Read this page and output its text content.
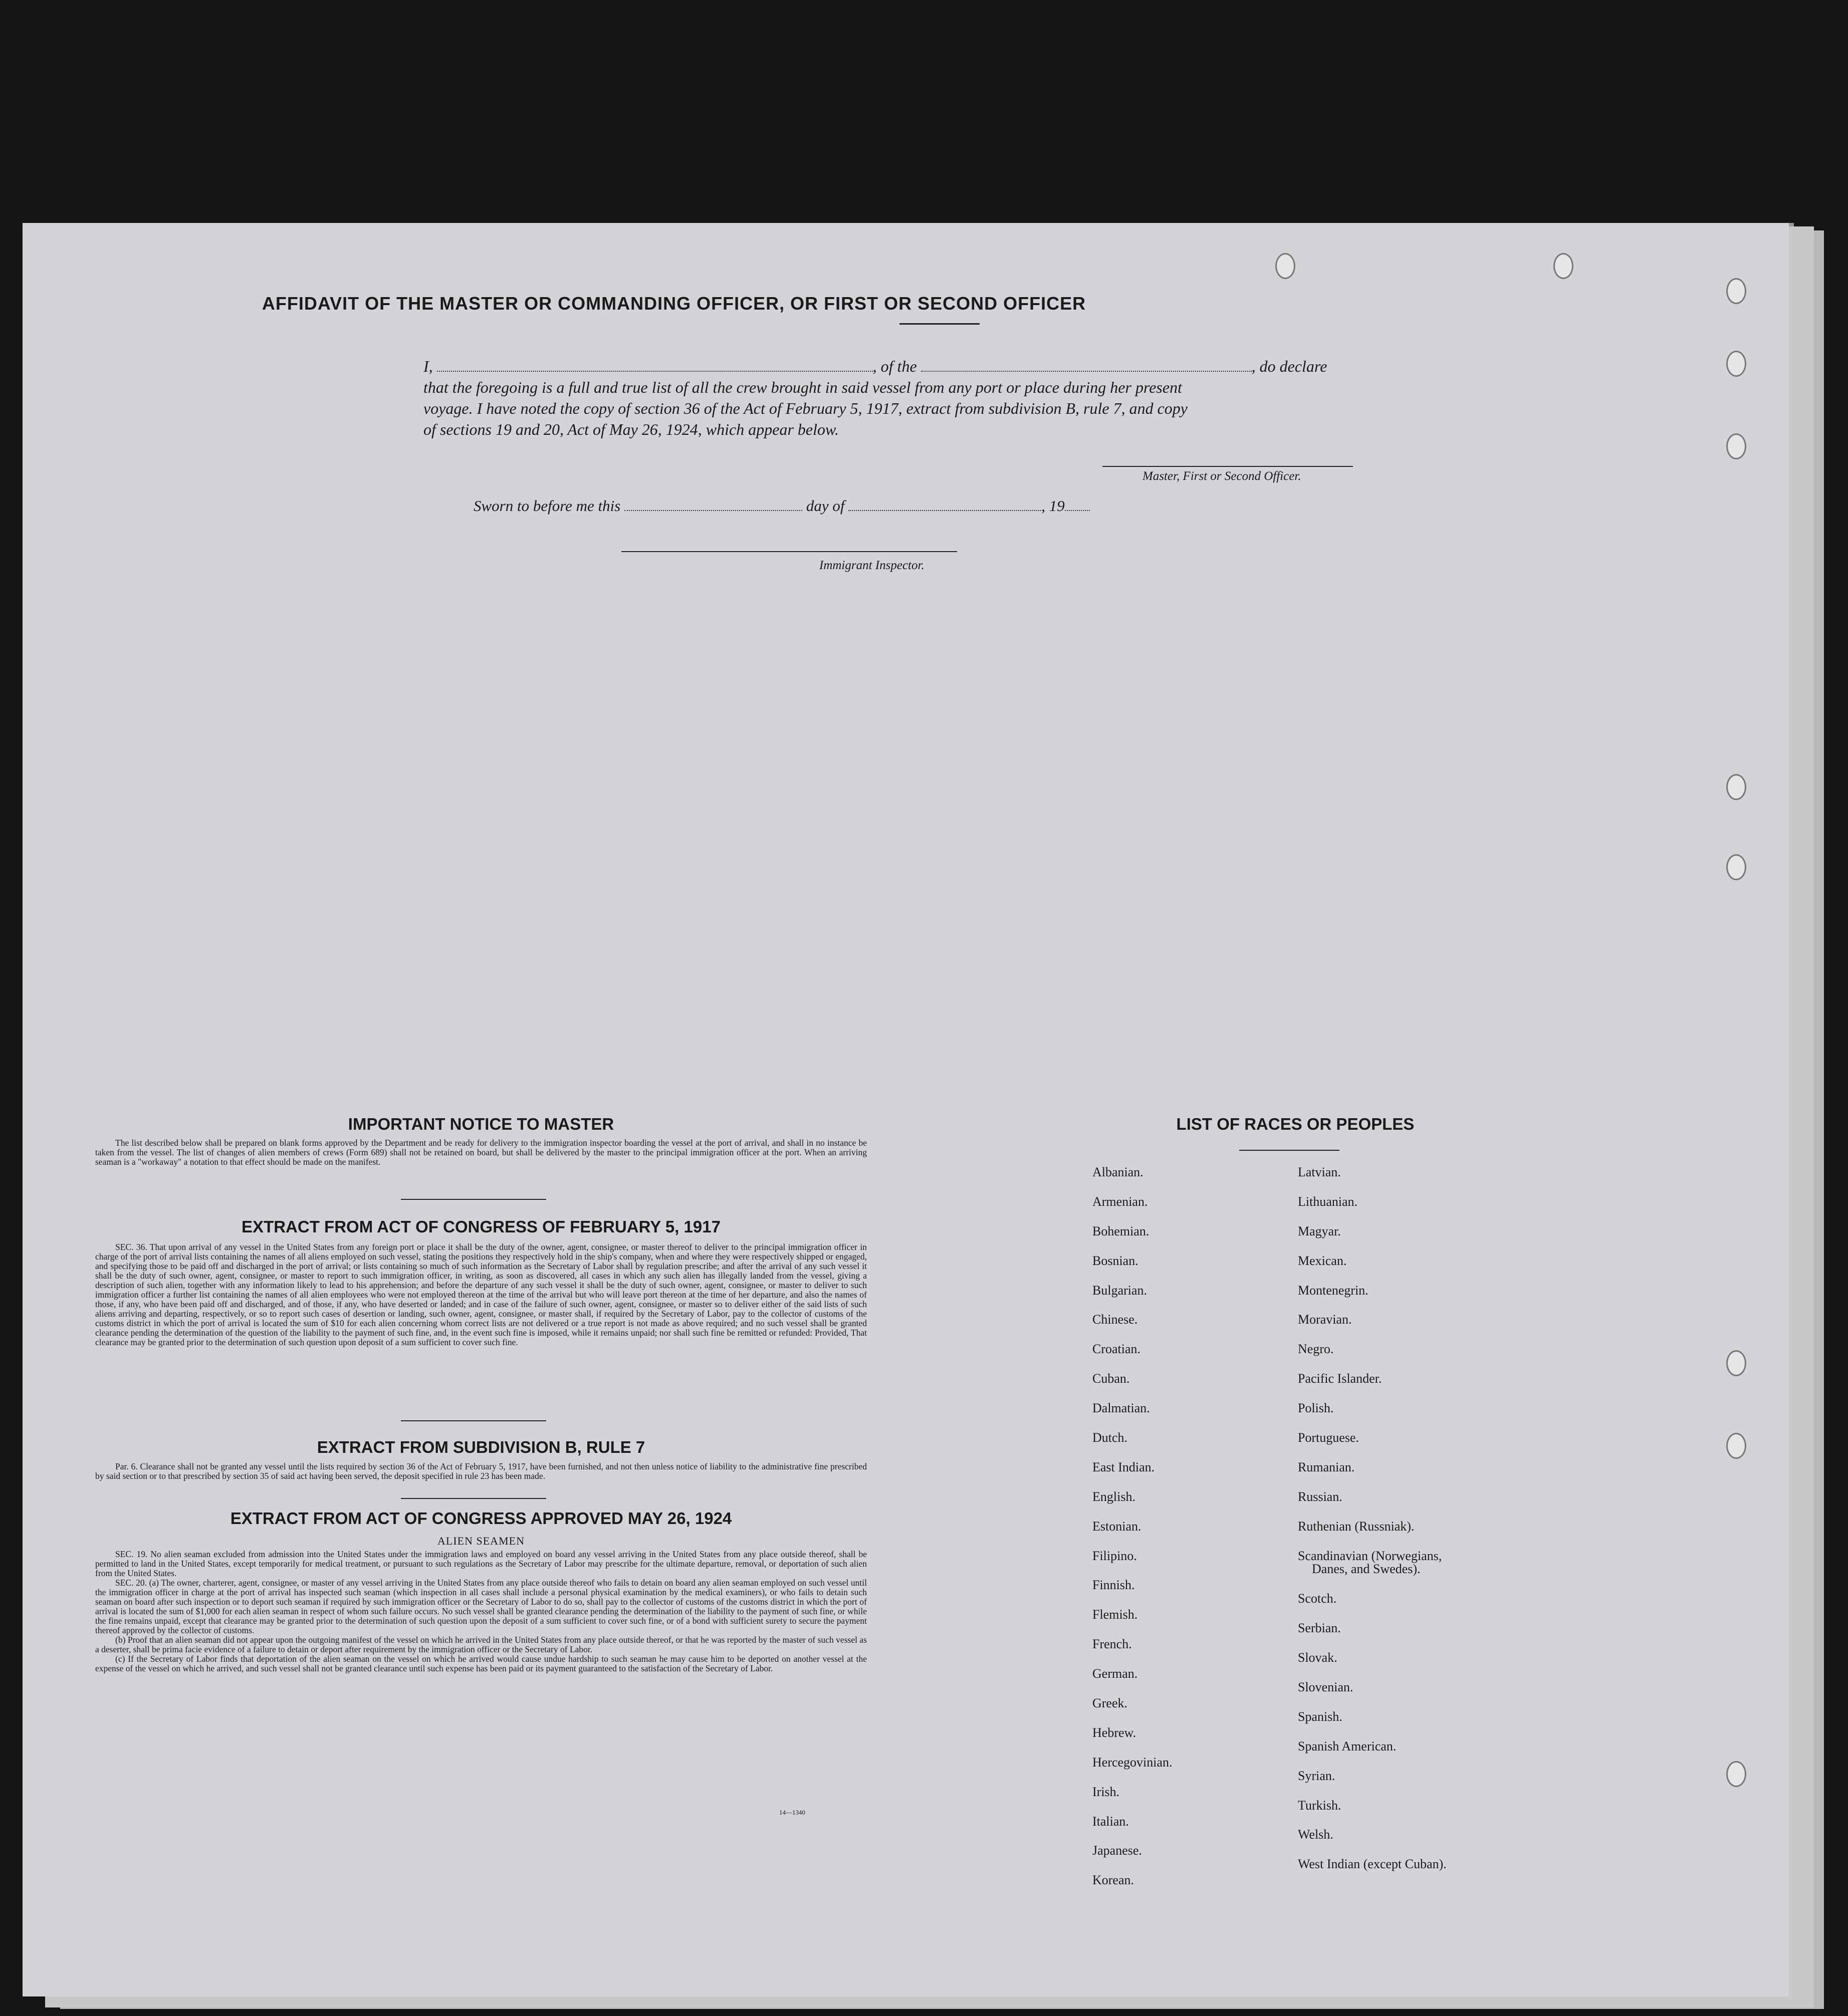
AFFIDAVIT OF THE MASTER OR COMMANDING OFFICER, OR FIRST OR SECOND OFFICER
I,	, of the	, do declare
that the foregoing is a full and true list of all the crew brought in said vessel from any port or place during her present
voyage. I have noted the copy of section 36 of the Act of February 5, 1917, extract from subdivision B, rule 7, and copy
of sections 19 and 20, Act of May 26, 1924, which appear below.
Master, First or Second Officer.
Sworn to before me this	day of	, 19
Immigrant Inspector.
IMPORTANT NOTICE TO MASTER
The list described below shall be prepared on blank forms approved by the Department and be ready for delivery to the immigration inspector boarding the vessel at the port of arrival, and shall in no instance be taken from the vessel. The list of changes of alien members of crews (Form 689) shall not be retained on board, but shall be delivered by the master to the principal immigration officer at the port. When an arriving seaman is a "workaway" a notation to that effect should be made on the manifest.
EXTRACT FROM ACT OF CONGRESS OF FEBRUARY 5, 1917
SEC. 36. That upon arrival of any vessel in the United States from any foreign port or place it shall be the duty of the owner, agent, consignee, or master thereof to deliver to the principal immigration officer in charge of the port of arrival lists containing the names of all aliens employed on such vessel, stating the positions they respectively hold in the ship's company, when and where they were respectively shipped or engaged, and specifying those to be paid off and discharged in the port of arrival; or lists containing so much of such information as the Secretary of Labor shall by regulation prescribe; and after the arrival of any such vessel it shall be the duty of such owner, agent, consignee, or master to report to such immigration officer, in writing, as soon as discovered, all cases in which any such alien has illegally landed from the vessel, giving a description of such alien, together with any information likely to lead to his apprehension; and before the departure of any such vessel it shall be the duty of such owner, agent, consignee, or master to deliver to such immigration officer a further list containing the names of all alien employees who were not employed thereon at the time of the arrival but who will leave port thereon at the time of her departure, and also the names of those, if any, who have been paid off and discharged, and of those, if any, who have deserted or landed; and in case of the failure of such owner, agent, consignee, or master so to deliver either of the said lists of such aliens arriving and departing, respectively, or so to report such cases of desertion or landing, such owner, agent, consignee, or master shall, if required by the Secretary of Labor, pay to the collector of customs of the customs district in which the port of arrival is located the sum of $10 for each alien concerning whom correct lists are not delivered or a true report is not made as above required; and no such vessel shall be granted clearance pending the determination of the question of the liability to the payment of such fine, and, in the event such fine is imposed, while it remains unpaid; nor shall such fine be remitted or refunded: Provided, That clearance may be granted prior to the determination of such question upon deposit of a sum sufficient to cover such fine.
EXTRACT FROM SUBDIVISION B, RULE 7
Par. 6. Clearance shall not be granted any vessel until the lists required by section 36 of the Act of February 5, 1917, have been furnished, and not then unless notice of liability to the administrative fine prescribed by said section or to that prescribed by section 35 of said act having been served, the deposit specified in rule 23 has been made.
EXTRACT FROM ACT OF CONGRESS APPROVED MAY 26, 1924
ALIEN SEAMEN
SEC. 19. No alien seaman excluded from admission into the United States under the immigration laws and employed on board any vessel arriving in the United States from any place outside thereof, shall be permitted to land in the United States, except temporarily for medical treatment, or pursuant to such regulations as the Secretary of Labor may prescribe for the ultimate departure, removal, or deportation of such alien from the United States.
SEC. 20. (a) The owner, charterer, agent, consignee, or master of any vessel arriving in the United States from any place outside thereof who fails to detain on board any alien seaman employed on such vessel until the immigration officer in charge at the port of arrival has inspected such seaman (which inspection in all cases shall include a personal physical examination by the medical examiners), or who fails to detain such seaman on board after such inspection or to deport such seaman if required by such immigration officer or the Secretary of Labor to do so, shall pay to the collector of customs of the customs district in which the port of arrival is located the sum of $1,000 for each alien seaman in respect of whom such failure occurs. No such vessel shall be granted clearance pending the determination of the liability to the payment of such fine, or while the fine remains unpaid, except that clearance may be granted prior to the determination of such question upon the deposit of a sum sufficient to cover such fine, or of a bond with sufficient surety to secure the payment thereof approved by the collector of customs.
(b) Proof that an alien seaman did not appear upon the outgoing manifest of the vessel on which he arrived in the United States from any place outside thereof, or that he was reported by the master of such vessel as a deserter, shall be prima facie evidence of a failure to detain or deport after requirement by the immigration officer or the Secretary of Labor.
(c) If the Secretary of Labor finds that deportation of the alien seaman on the vessel on which he arrived would cause undue hardship to such seaman he may cause him to be deported on another vessel at the expense of the vessel on which he arrived, and such vessel shall not be granted clearance until such expense has been paid or its payment guaranteed to the satisfaction of the Secretary of Labor.
14—1340
LIST OF RACES OR PEOPLES
Albanian.
Armenian.
Bohemian.
Bosnian.
Bulgarian.
Chinese.
Croatian.
Cuban.
Dalmatian.
Dutch.
East Indian.
English.
Estonian.
Filipino.
Finnish.
Flemish.
French.
German.
Greek.
Hebrew.
Hercegovinian.
Irish.
Italian.
Japanese.
Korean.
Latvian.
Lithuanian.
Magyar.
Mexican.
Montenegrin.
Moravian.
Negro.
Pacific Islander.
Polish.
Portuguese.
Rumanian.
Russian.
Ruthenian (Russniak).
Scandinavian (Norwegians,
Danes, and Swedes).
Scotch.
Serbian.
Slovak.
Slovenian.
Spanish.
Spanish American.
Syrian.
Turkish.
Welsh.
West Indian (except Cuban).
